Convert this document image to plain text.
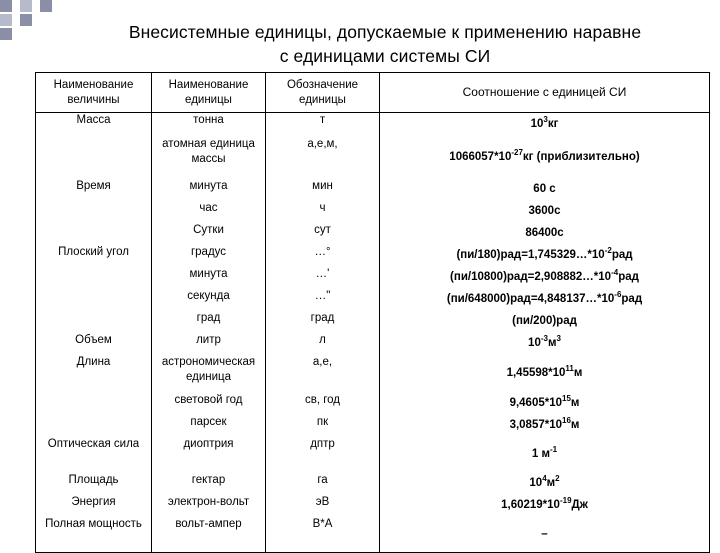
Внесистемные единицы, допускаемые к применению наравне
с единицами системы СИ
Наименование величины	Наименование единицы	Обозначение единицы	Соотношение с единицей СИ
Масса	тонна	т	$10^3кг$
	атомная единица массы	а,е,м,	$1066057*10^{-27}кг$ (приблизительно)
Время	минута	мин	60 с
	час	ч	3600с
	Сутки	сут	86400с
Плоский угол	градус	…°	$(пи/180)рад=1,745329\dots*10^{-2}рад$
	минута	…'	$(пи/10800)рад=2,908882\dots*10^{-4}рад$
	секунда	…"	$(пи/648000)рад=4,848137\dots*10^{-6}рад$
	град	град	(пи/200)рад
Объем	литр	л	$10^{-3}м^3$
Длина	астрономическая единица	а,е,	$1,45598*10^{11}м$
	световой год	св, год	$9,4605*10^{15}м$
	парсек	пк	$3,0857*10^{16}м$
Оптическая сила	диоптрия	дптр	1 $м^{-1}$
Площадь	гектар	га	$10^4м^2$
Энергия	электрон-вольт	эВ	$1,60219*10^{-19}Дж$
Полная мощность	вольт-ампер	В*А	–
